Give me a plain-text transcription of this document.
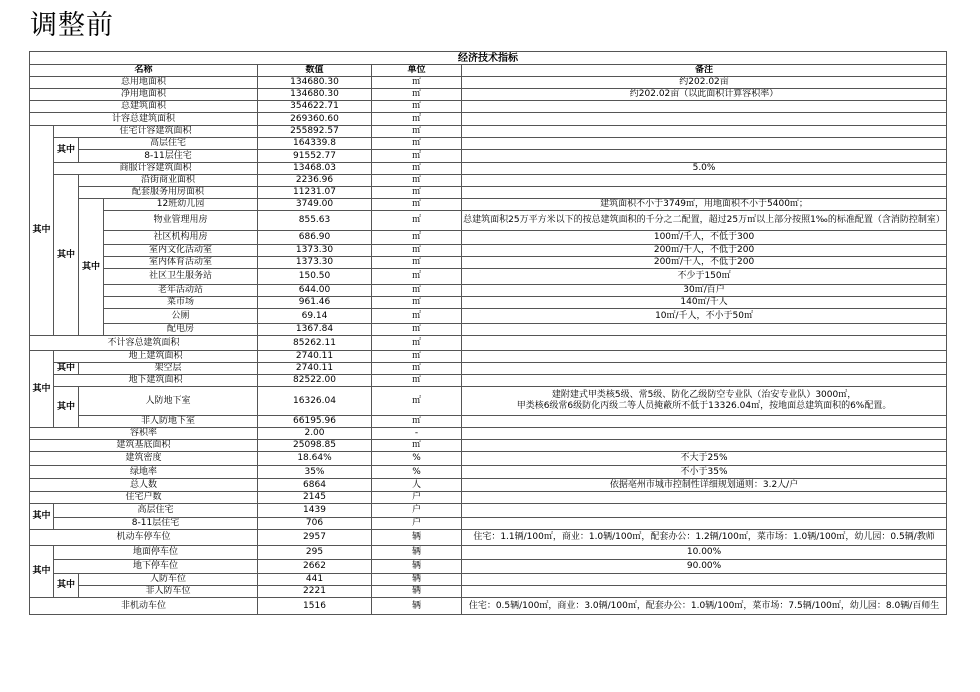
调整前
经济技术指标						
名称				数值	单位	备注
总用地面积				134680.30	㎡	约202.02亩
净用地面积				134680.30	㎡	约202.02亩（以此面积计算容积率）
总建筑面积				354622.71	㎡	
计容总建筑面积				269360.60	㎡	
其中	住宅计容建筑面积			255892.57	㎡	
	其中	高层住宅		164339.8	㎡	
		8-11层住宅		91552.77	㎡	
	商服计容建筑面积			13468.03	㎡	5.0%
	其中	沿街商业面积		2236.96	㎡	
		配套服务用房面积		11231.07	㎡	
		其中	12班幼儿园	3749.00	㎡	建筑面积不小于3749㎡，用地面积不小于5400㎡；
			物业管理用房	855.63	㎡	总建筑面积25万平方米以下的按总建筑面积的千分之二配置，超过25万㎡以上部分按照1‰的标准配置（含消防控制室）
			社区机构用房	686.90	㎡	100㎡/千人，不低于300
			室内文化活动室	1373.30	㎡	200㎡/千人，不低于200
			室内体育活动室	1373.30	㎡	200㎡/千人，不低于200
			社区卫生服务站	150.50	㎡	不少于150㎡
			老年活动站	644.00	㎡	30㎡/百户
			菜市场	961.46	㎡	140㎡/千人
			公厕	69.14	㎡	10㎡/千人，不小于50㎡
			配电房	1367.84	㎡	
不计容总建筑面积				85262.11	㎡	
其中	地上建筑面积			2740.11	㎡	
	其中	架空层		2740.11	㎡	
	地下建筑面积			82522.00	㎡	
	其中	人防地下室		16326.04	㎡	建附建式甲类核5级、常5级、防化乙级防空专业队（治安专业队）3000㎡，
甲类核6级常6级防化丙级二等人员掩蔽所不低于13326.04㎡，按地面总建筑面积的6%配置。
		非人防地下室		66195.96	㎡	
容积率				2.00	-	
建筑基底面积				25098.85	㎡	
建筑密度				18.64%	%	不大于25%
绿地率				35%	%	不小于35%
总人数				6864	人	依据亳州市城市控制性详细规划通则：3.2人/户
住宅户数				2145	户	
其中	高层住宅			1439	户	
	8-11层住宅			706	户	
机动车停车位				2957	辆	住宅：1.1辆/100㎡，商业：1.0辆/100㎡，配套办公：1.2辆/100㎡，菜市场：1.0辆/100㎡，幼儿园：0.5辆/教师
其中	地面停车位			295	辆	10.00%
	地下停车位			2662	辆	90.00%
	其中	人防车位		441	辆	
		非人防车位		2221	辆	
非机动车位				1516	辆	住宅：0.5辆/100㎡，商业：3.0辆/100㎡，配套办公：1.0辆/100㎡，菜市场：7.5辆/100㎡，幼儿园：8.0辆/百师生
